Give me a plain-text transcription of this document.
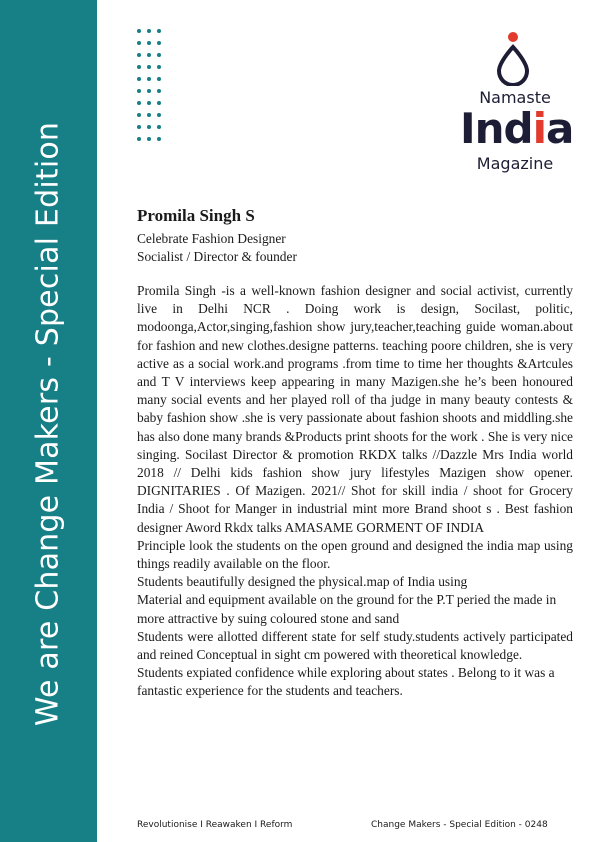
We are Change Makers - Special Edition
Namaste
India
Magazine

Promila Singh S

Celebrate Fashion Designer

Socialist / Director & founder

Promila Singh -is a well-known fashion designer and social activist, currently live in Delhi NCR . Doing work is design, Socilast, politic, modoonga,Actor,singing,fashion show jury,teacher,teaching guide woman.about for fashion and new clothes.designe patterns. teaching poore children, she is very active as a social work.and programs .from time to time her thoughts &Artcules and T V interviews keep appearing in many Mazigen.she he’s been honoured many social events and her played roll of tha judge in many beauty contests & baby fashion show .she is very passionate about fashion shoots and middling.she has also done many brands &Products print shoots for the work . She is very nice singing. Socilast Director & promotion RKDX talks //Dazzle Mrs India world 2018 // Delhi kids fashion show jury lifestyles Mazigen show opener. DIGNITARIES . Of Mazigen. 2021// Shot for skill india / shoot for Grocery India / Shoot for Manger in industrial mint more Brand shoot s . Best fashion designer Aword Rkdx talks AMASAME GORMENT OF INDIA

Principle look the students on the open ground and designed the india map using things readily available on the floor.

Students beautifully designed the physical.map of India using

Material and equipment available on the ground for the P.T peried the made in more attractive by suing coloured stone and sand

Students were allotted different state for self study.students actively participated and reined Conceptual in sight cm powered with theoretical knowledge.

Students expiated confidence while exploring about states . Belong to it was a fantastic experience for the students and teachers.

Revolutionise I Reawaken I Reform	Change Makers - Special Edition - 0248
